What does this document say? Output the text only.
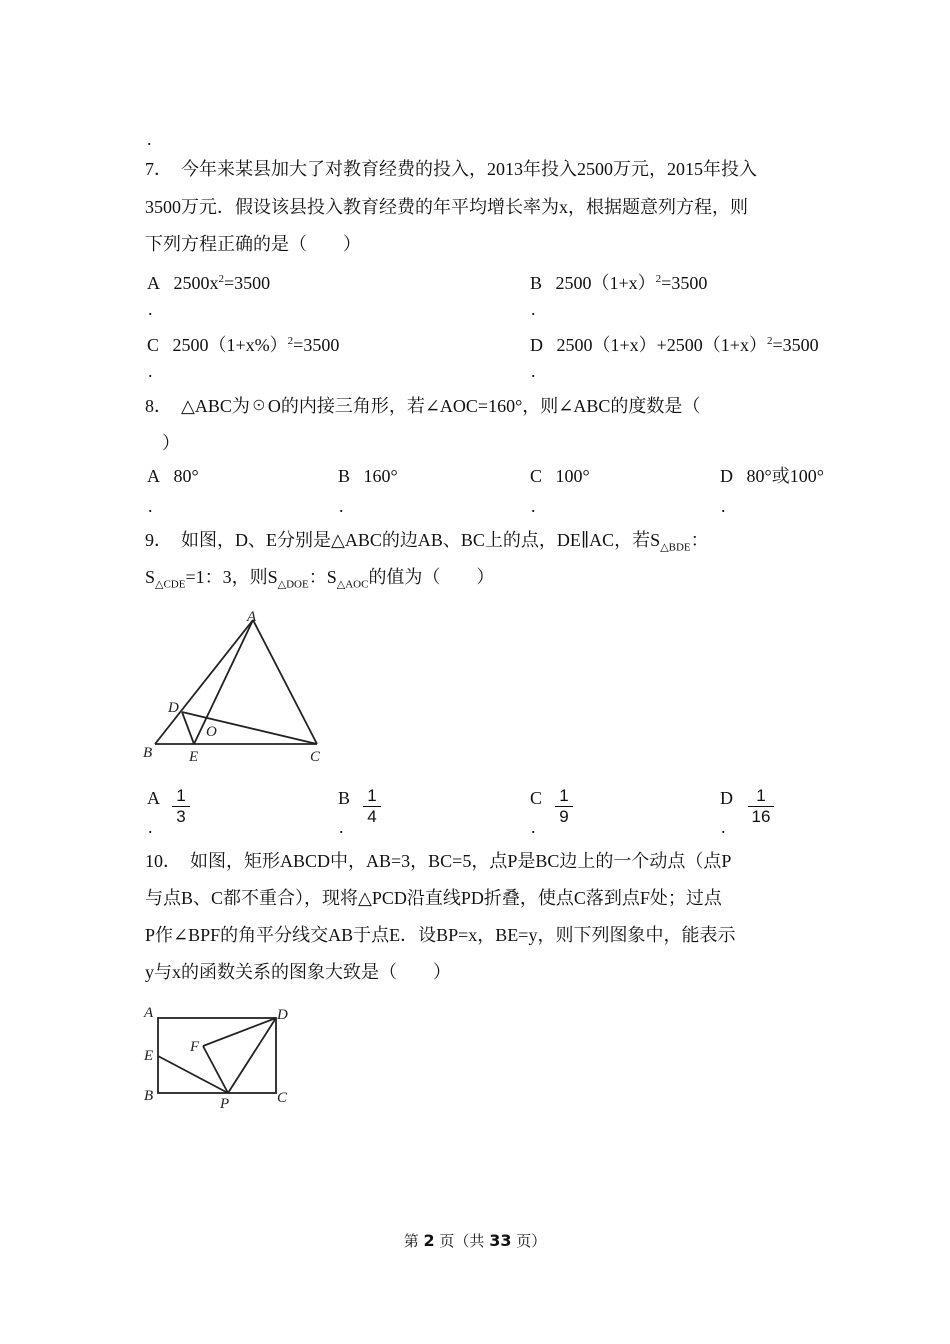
.
7． 今年来某县加大了对教育经费的投入，2013年投入2500万元，2015年投入
3500万元．假设该县投入教育经费的年平均增长率为x，根据题意列方程，则
下列方程正确的是（　　）
A $2500x^2=3500$
.
B $2500(1+x)^2=3500$
.
C $2500(1+x\%)^2=3500$
.
D $2500(1+x)+2500(1+x)^2=3500$
.
8． △ABC为☉O的内接三角形，若∠AOC=160°，则∠ABC的度数是（
）
A 80°
.
B 160°
.
C 100°
.
D 80°或100°
.
9． 如图，D、E分别是△ABC的边AB、BC上的点，DE∥AC，若$S_{\triangle BDE}$：
$S_{\triangle CDE}=1$：3，则$S_{\triangle DOE}$：$S_{\triangle AOC}$的值为（　　）
A
B	C
D
E
O
A 1
3
.
B 1
4
.
C 1
9
.
D	1
16
.
10． 如图，矩形ABCD中，AB=3，BC=5，点P是BC边上的一个动点（点P
与点B、C都不重合），现将△PCD沿直线PD折叠，使点C落到点F处；过点
P作∠BPF的角平分线交AB于点E．设BP=x，BE=y，则下列图象中，能表示
y与x的函数关系的图象大致是（　　）
A
E
B
F
P
D
C
第 2 页（共 33 页）
